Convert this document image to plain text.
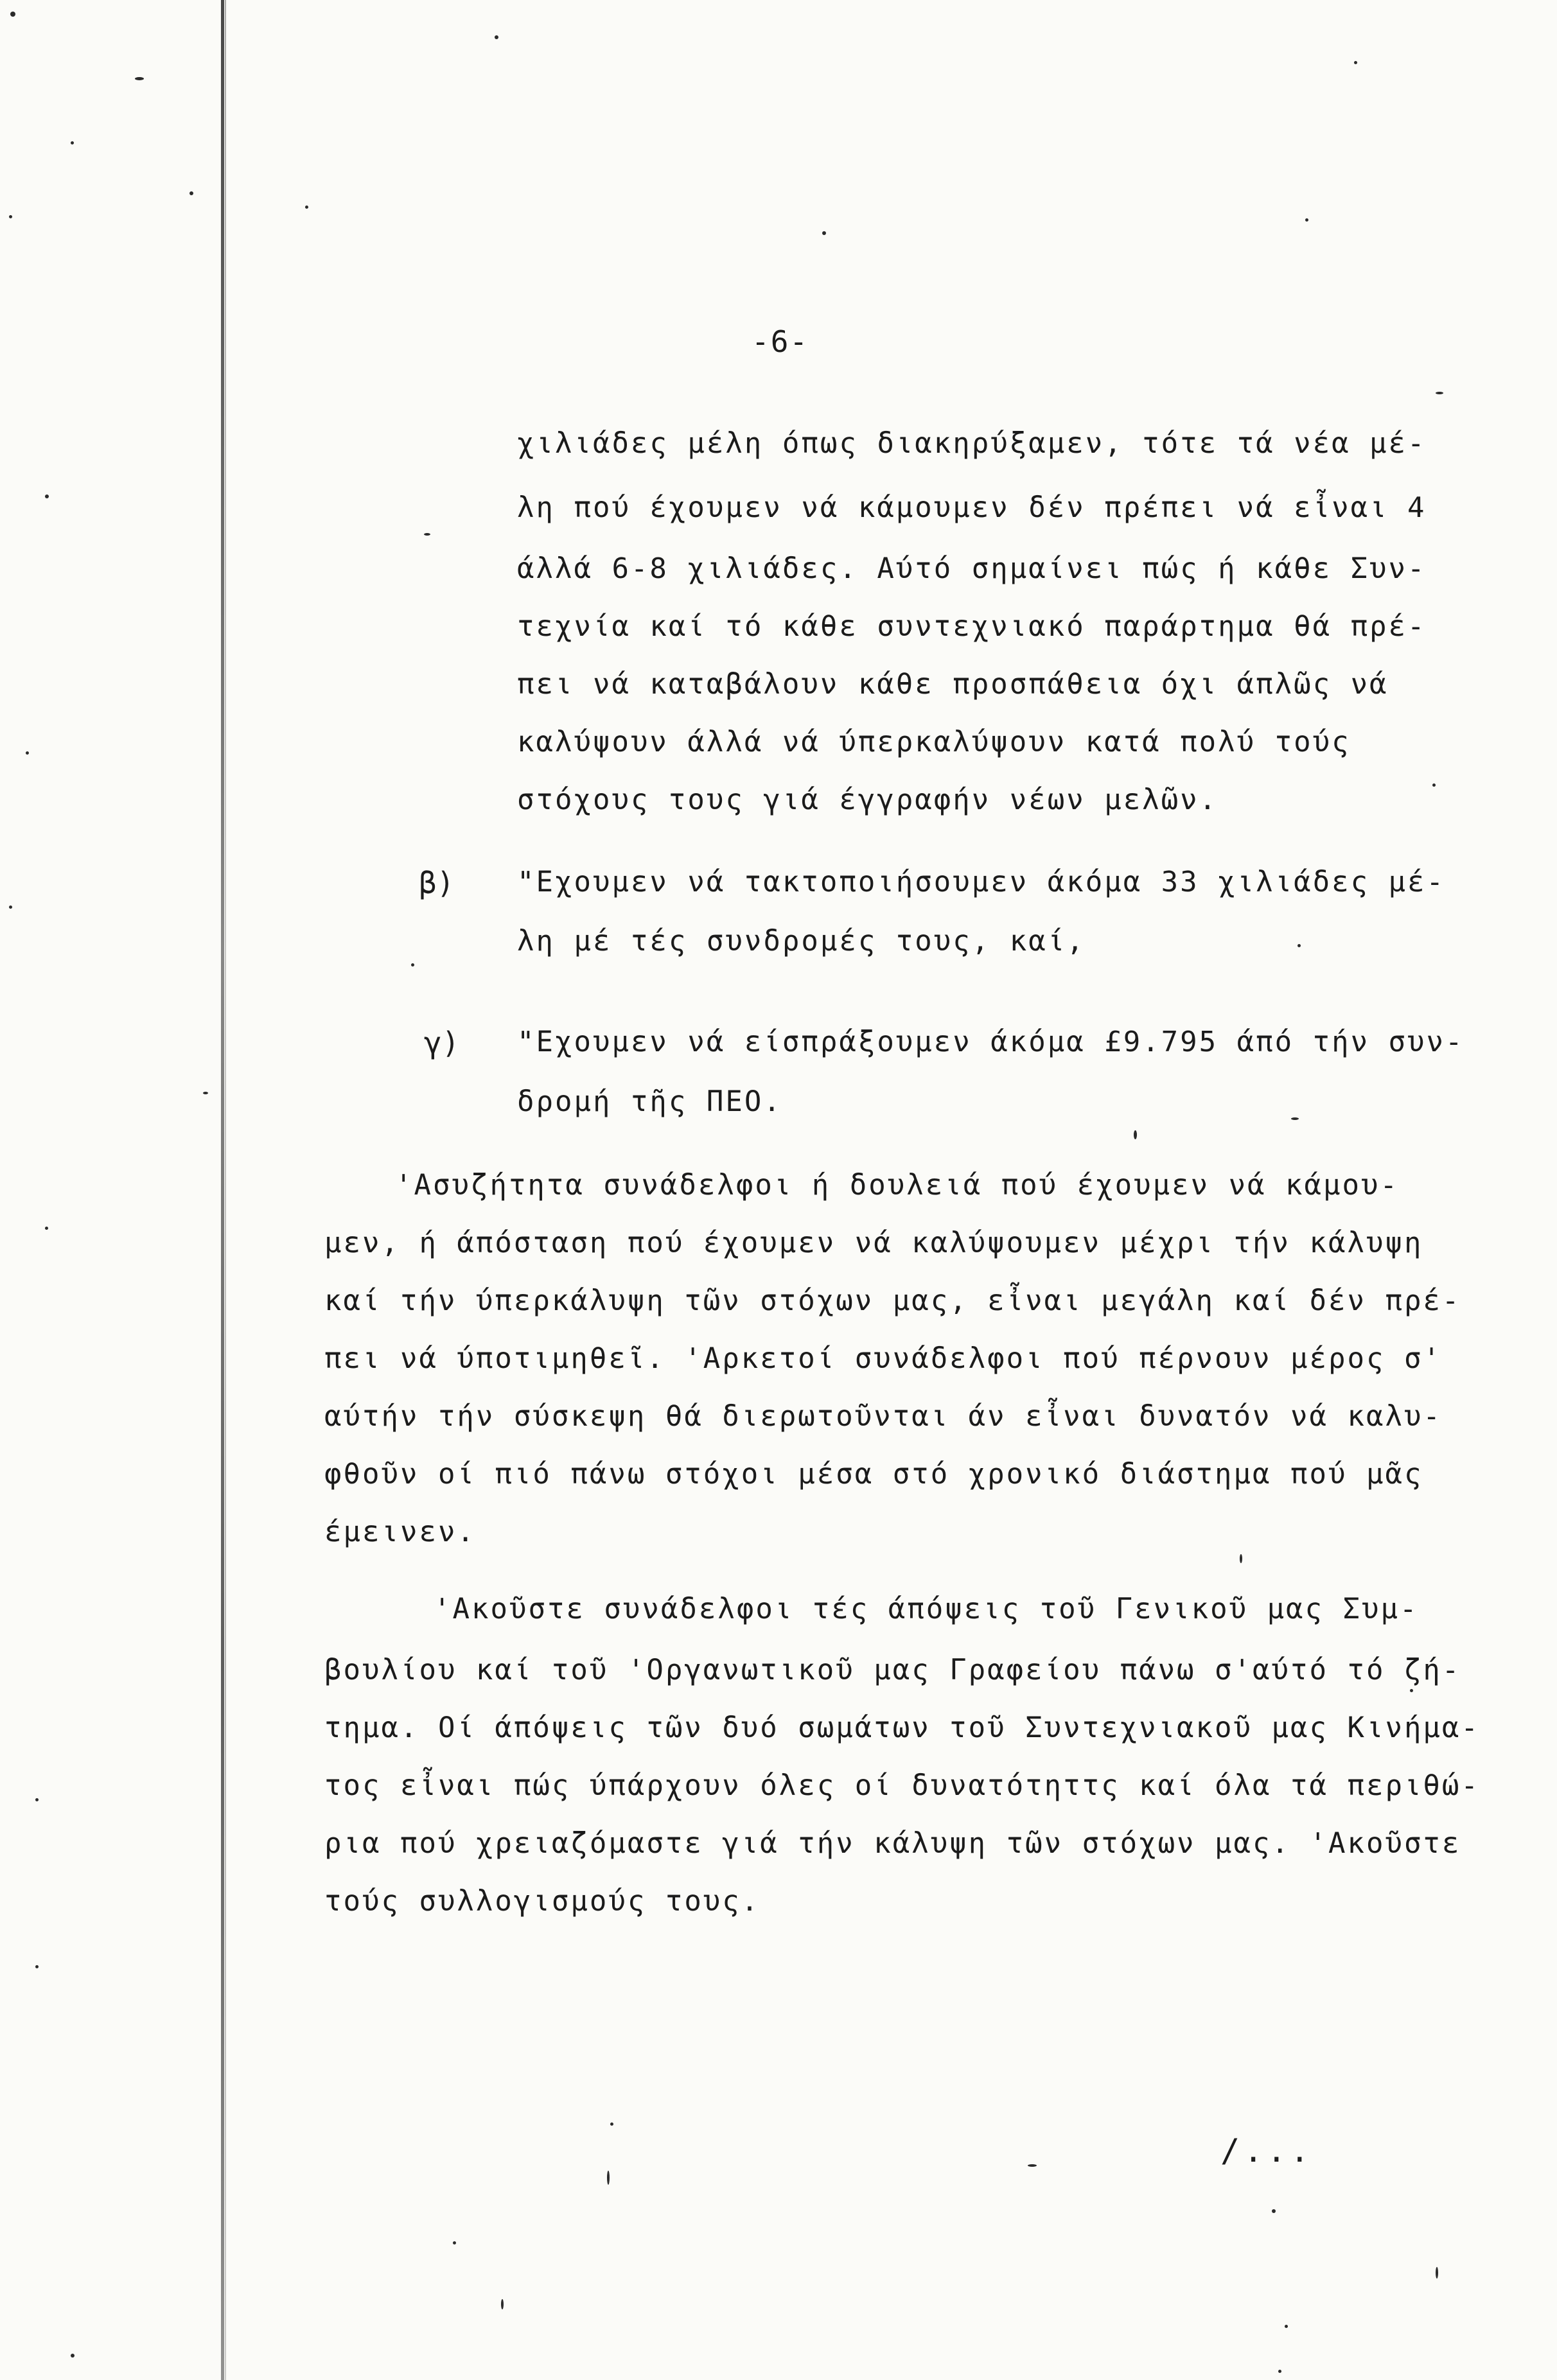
-6-
χιλιάδες μέλη όπως διακηρύξαμεν, τότε τά νέα μέ-
λη πού έχουμεν νά κάμουμεν δέν πρέπει νά εἶναι 4
άλλά 6-8 χιλιάδες. Αύτό σημαίνει πώς ή κάθε Συν-
τεχνία καί τό κάθε συντεχνιακό παράρτημα θά πρέ-
πει νά καταβάλουν κάθε προσπάθεια όχι άπλῶς νά
καλύψουν άλλά νά ύπερκαλύψουν κατά πολύ τούς
στόχους τους γιά έγγραφήν νέων μελῶν.
β) "Εχουμεν νά τακτοποιήσουμεν άκόμα 33 χιλιάδες μέ-
λη μέ τές συνδρομές τους, καί,
γ) "Εχουμεν νά είσπράξουμεν άκόμα £9.795 άπό τήν συν-
δρομή τῆς ΠΕΟ.
'Ασυζήτητα συνάδελφοι ή δουλειά πού έχουμεν νά κάμου-
μεν, ή άπόσταση πού έχουμεν νά καλύψουμεν μέχρι τήν κάλυψη
καί τήν ύπερκάλυψη τῶν στόχων μας, εἶναι μεγάλη καί δέν πρέ-
πει νά ύποτιμηθεῖ. 'Αρκετοί συνάδελφοι πού πέρνουν μέρος σ'
αύτήν τήν σύσκεψη θά διερωτοῦνται άν εἶναι δυνατόν νά καλυ-
φθοῦν οί πιό πάνω στόχοι μέσα στό χρονικό διάστημα πού μᾶς
έμεινεν.
'Ακοῦστε συνάδελφοι τές άπόψεις τοῦ Γενικοῦ μας Συμ-
βουλίου καί τοῦ 'Οργανωτικοῦ μας Γραφείου πάνω σ'αύτό τό ζή-
τημα. Οί άπόψεις τῶν δυό σωμάτων τοῦ Συντεχνιακοῦ μας Κινήμα-
τος εἶναι πώς ύπάρχουν όλες οί δυνατότηττς καί όλα τά περιθώ-
ρια πού χρειαζόμαστε γιά τήν κάλυψη τῶν στόχων μας. 'Ακοῦστε
τούς συλλογισμούς τους.
/...
